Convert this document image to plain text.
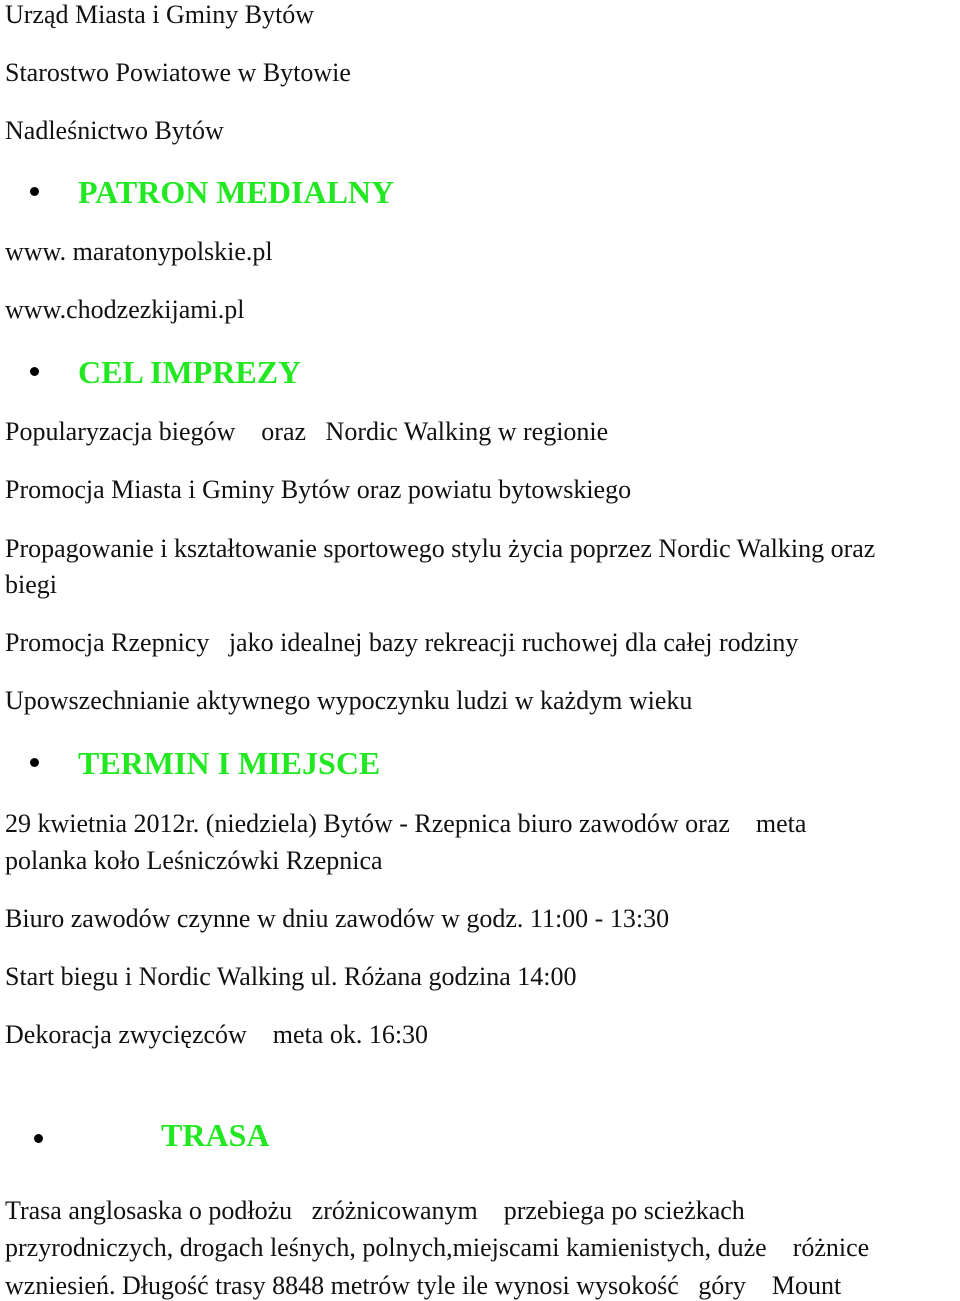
Urząd Miasta i Gminy Bytów
Starostwo Powiatowe w Bytowie
Nadleśnictwo Bytów
PATRON MEDIALNY
www. maratonypolskie.pl
www.chodzezkijami.pl
CEL IMPREZY
Popularyzacja biegów    oraz   Nordic Walking w regionie
Promocja Miasta i Gminy Bytów oraz powiatu bytowskiego
Propagowanie i kształtowanie sportowego stylu życia poprzez Nordic Walking oraz
biegi
Promocja Rzepnicy   jako idealnej bazy rekreacji ruchowej dla całej rodziny
Upowszechnianie aktywnego wypoczynku ludzi w każdym wieku
TERMIN I MIEJSCE
29 kwietnia 2012r. (niedziela) Bytów - Rzepnica biuro zawodów oraz    meta
polanka koło Leśniczówki Rzepnica
Biuro zawodów czynne w dniu zawodów w godz. 11:00 - 13:30
Start biegu i Nordic Walking ul. Różana godzina 14:00
Dekoracja zwycięzców    meta ok. 16:30
TRASA
Trasa anglosaska o podłożu   zróżnicowanym    przebiega po scieżkach
przyrodniczych, drogach leśnych, polnych,miejscami kamienistych, duże    różnice
wzniesień. Długość trasy 8848 metrów tyle ile wynosi wysokość   góry    Mount
